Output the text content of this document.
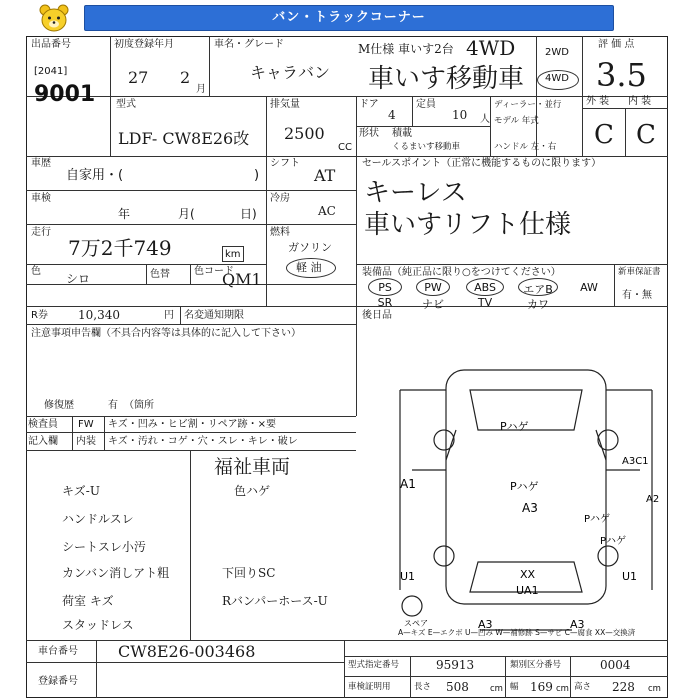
バン・トラックコーナー
出品番号
[2041]
9001
初度登録年月
27 2
月
車名・グレード
キャラバン
M仕様 車いす2台 4WD
車いす移動車
2WD
4WD
評 価 点
3.5
型式
LDF- CW8E26改
排気量
2500
CC
ドア
4
定員
10 人
形状 積載
くるまいす移動車
ディーラー・並行
モデル 年式
ハンドル 左・右
外 装 内 装
C C
車歴
自家用・(	)
シフト
AT
車検
年	月(	日)
冷房
AC
走行
7万2千749	km
燃料
ガソリン
軽 油
色
シロ	色替 色コード
QM1
R券	10,340	円 名変通知期限
セールスポイント（正常に機能するものに限ります）
キーレス
車いすリフト仕様
装備品（純正品に限り○をつけてください）
PS	PW	ABS	エアB	AW
SR	ナビ	TV	カワ
新車保証書
有・無
後日品
注意事項申告欄（不具合内容等は具体的に記入して下さい）
修復歴	有 （箇所
検査員 FW キズ・凹み・ヒビ割・リペア跡・×要
記入欄 内装 キズ・汚れ・コゲ・穴・スレ・キレ・破レ
福祉車両
色ハゲ
キズ-U
ハンドルスレ
シートスレ小汚
カンバン消しアト粗	下回りSC
荷室 キズ	Rバンパーホース-U
スタッドレス
Pハゲ
A1	Pハゲ
A3
A3C1
A2
Pハゲ
Pハゲ
U1	XX
UA1
U1
A3	A3
スペア
A—キズ E—エクボ U—凹み W—補修跡 S—サビ C—腐食 XX—交換済
車台番号	CW8E26-003468
登録番号
型式指定番号	95913	類別区分番号	0004
車検証明用	長さ 508 cm 幅 169 cm 高さ 228 cm
